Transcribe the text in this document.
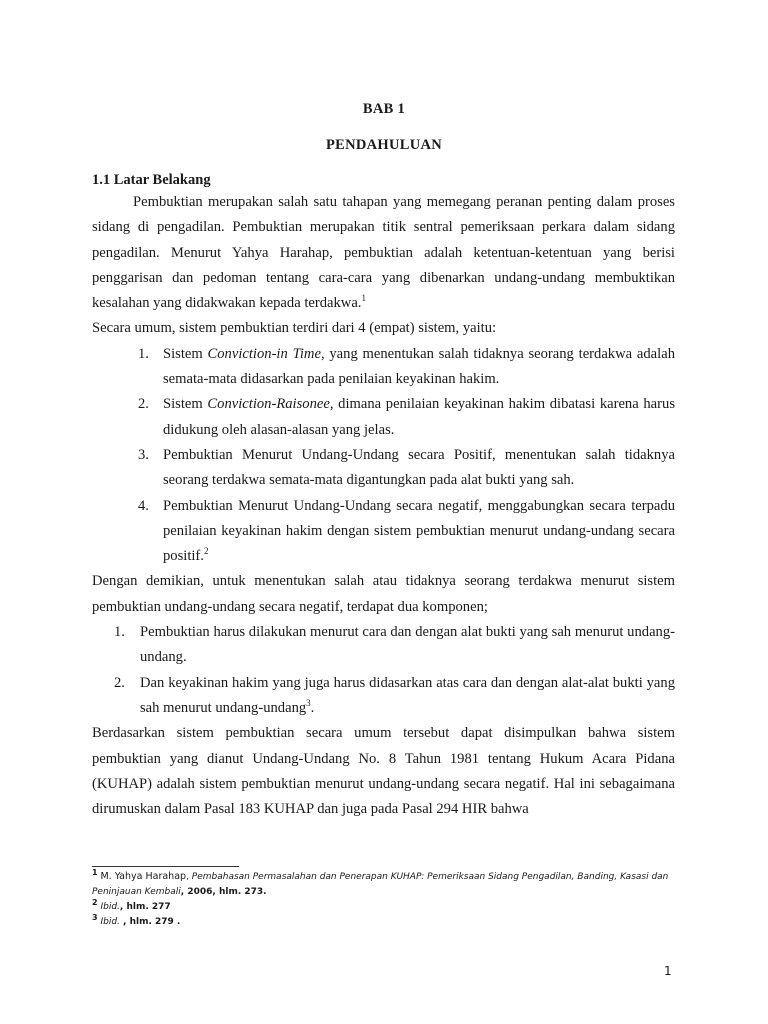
BAB 1
PENDAHULUAN
1.1 Latar Belakang

Pembuktian merupakan salah satu tahapan yang memegang peranan penting dalam proses sidang di pengadilan. Pembuktian merupakan titik sentral pemeriksaan perkara dalam sidang pengadilan. Menurut Yahya Harahap, pembuktian adalah ketentuan-ketentuan yang berisi penggarisan dan pedoman tentang cara-cara yang dibenarkan undang-undang membuktikan kesalahan yang didakwakan kepada terdakwa.$^1$

Secara umum, sistem pembuktian terdiri dari 4 (empat) sistem, yaitu:

1. Sistem Conviction-in Time, yang menentukan salah tidaknya seorang terdakwa adalah semata-mata didasarkan pada penilaian keyakinan hakim.
2. Sistem Conviction-Raisonee, dimana penilaian keyakinan hakim dibatasi karena harus didukung oleh alasan-alasan yang jelas.
3. Pembuktian Menurut Undang-Undang secara Positif, menentukan salah tidaknya seorang terdakwa semata-mata digantungkan pada alat bukti yang sah.
4. Pembuktian Menurut Undang-Undang secara negatif, menggabungkan secara terpadu penilaian keyakinan hakim dengan sistem pembuktian menurut undang-undang secara positif.$^2$

Dengan demikian, untuk menentukan salah atau tidaknya seorang terdakwa menurut sistem pembuktian undang-undang secara negatif, terdapat dua komponen;

1. Pembuktian harus dilakukan menurut cara dan dengan alat bukti yang sah menurut undang-undang.
2. Dan keyakinan hakim yang juga harus didasarkan atas cara dan dengan alat-alat bukti yang sah menurut undang-undang$^3$.

Berdasarkan sistem pembuktian secara umum tersebut dapat disimpulkan bahwa sistem pembuktian yang dianut Undang-Undang No. 8 Tahun 1981 tentang Hukum Acara Pidana (KUHAP) adalah sistem pembuktian menurut undang-undang secara negatif. Hal ini sebagaimana dirumuskan dalam Pasal 183 KUHAP dan juga pada Pasal 294 HIR bahwa

1 M. Yahya Harahap, Pembahasan Permasalahan dan Penerapan KUHAP: Pemeriksaan Sidang Pengadilan, Banding, Kasasi dan Peninjauan Kembali, 2006, hlm. 273.

2 Ibid., hlm. 277

3 Ibid. , hlm. 279 .

1
